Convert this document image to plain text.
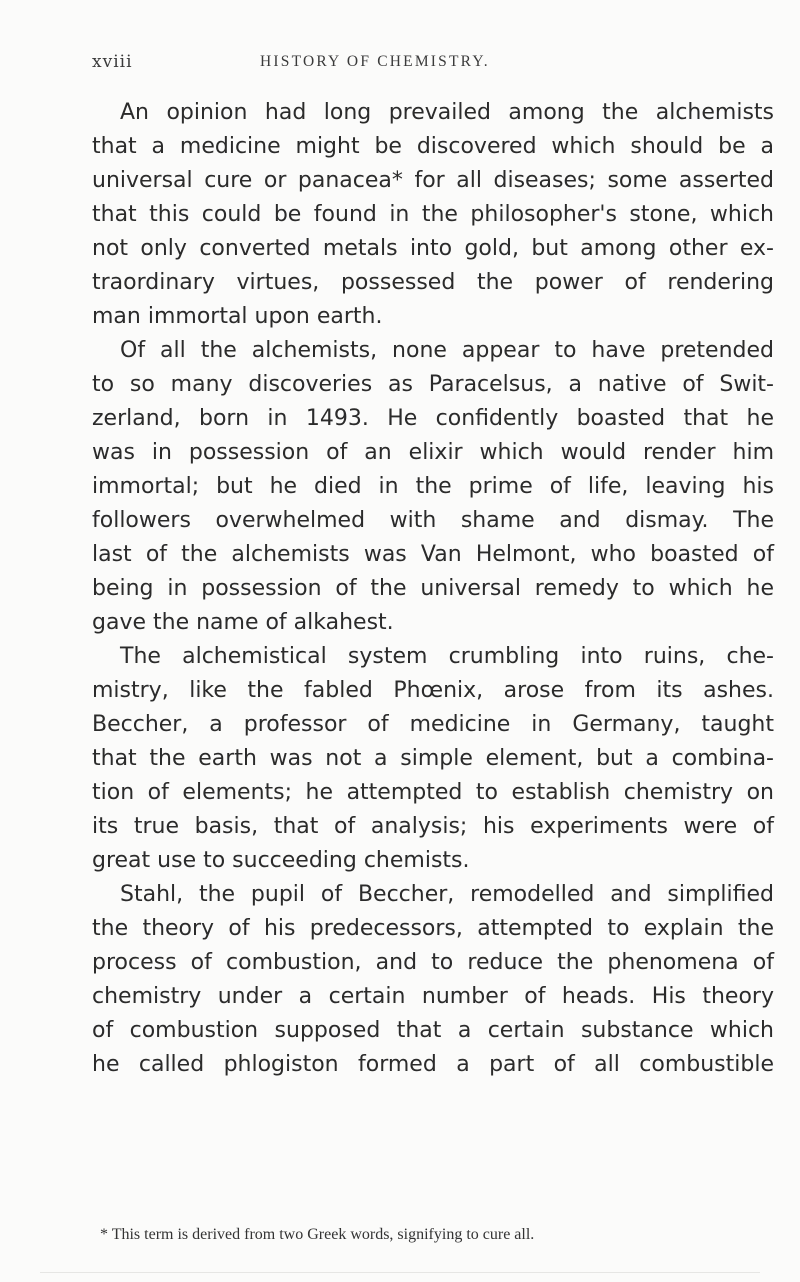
xviii	HISTORY OF CHEMISTRY.
An opinion had long prevailed among the alchemists
that a medicine might be discovered which should be a
universal cure or panacea* for all diseases; some asserted
that this could be found in the philosopher's stone, which
not only converted metals into gold, but among other ex-
traordinary virtues, possessed the power of rendering
man immortal upon earth.
Of all the alchemists, none appear to have pretended
to so many discoveries as Paracelsus, a native of Swit-
zerland, born in 1493. He confidently boasted that he
was in possession of an elixir which would render him
immortal; but he died in the prime of life, leaving his
followers overwhelmed with shame and dismay. The
last of the alchemists was Van Helmont, who boasted of
being in possession of the universal remedy to which he
gave the name of alkahest.
The alchemistical system crumbling into ruins, che-
mistry, like the fabled Phœnix, arose from its ashes.
Beccher, a professor of medicine in Germany, taught
that the earth was not a simple element, but a combina-
tion of elements; he attempted to establish chemistry on
its true basis, that of analysis; his experiments were of
great use to succeeding chemists.
Stahl, the pupil of Beccher, remodelled and simplified
the theory of his predecessors, attempted to explain the
process of combustion, and to reduce the phenomena of
chemistry under a certain number of heads. His theory
of combustion supposed that a certain substance which
he called phlogiston formed a part of all combustible
* This term is derived from two Greek words, signifying to cure all.
